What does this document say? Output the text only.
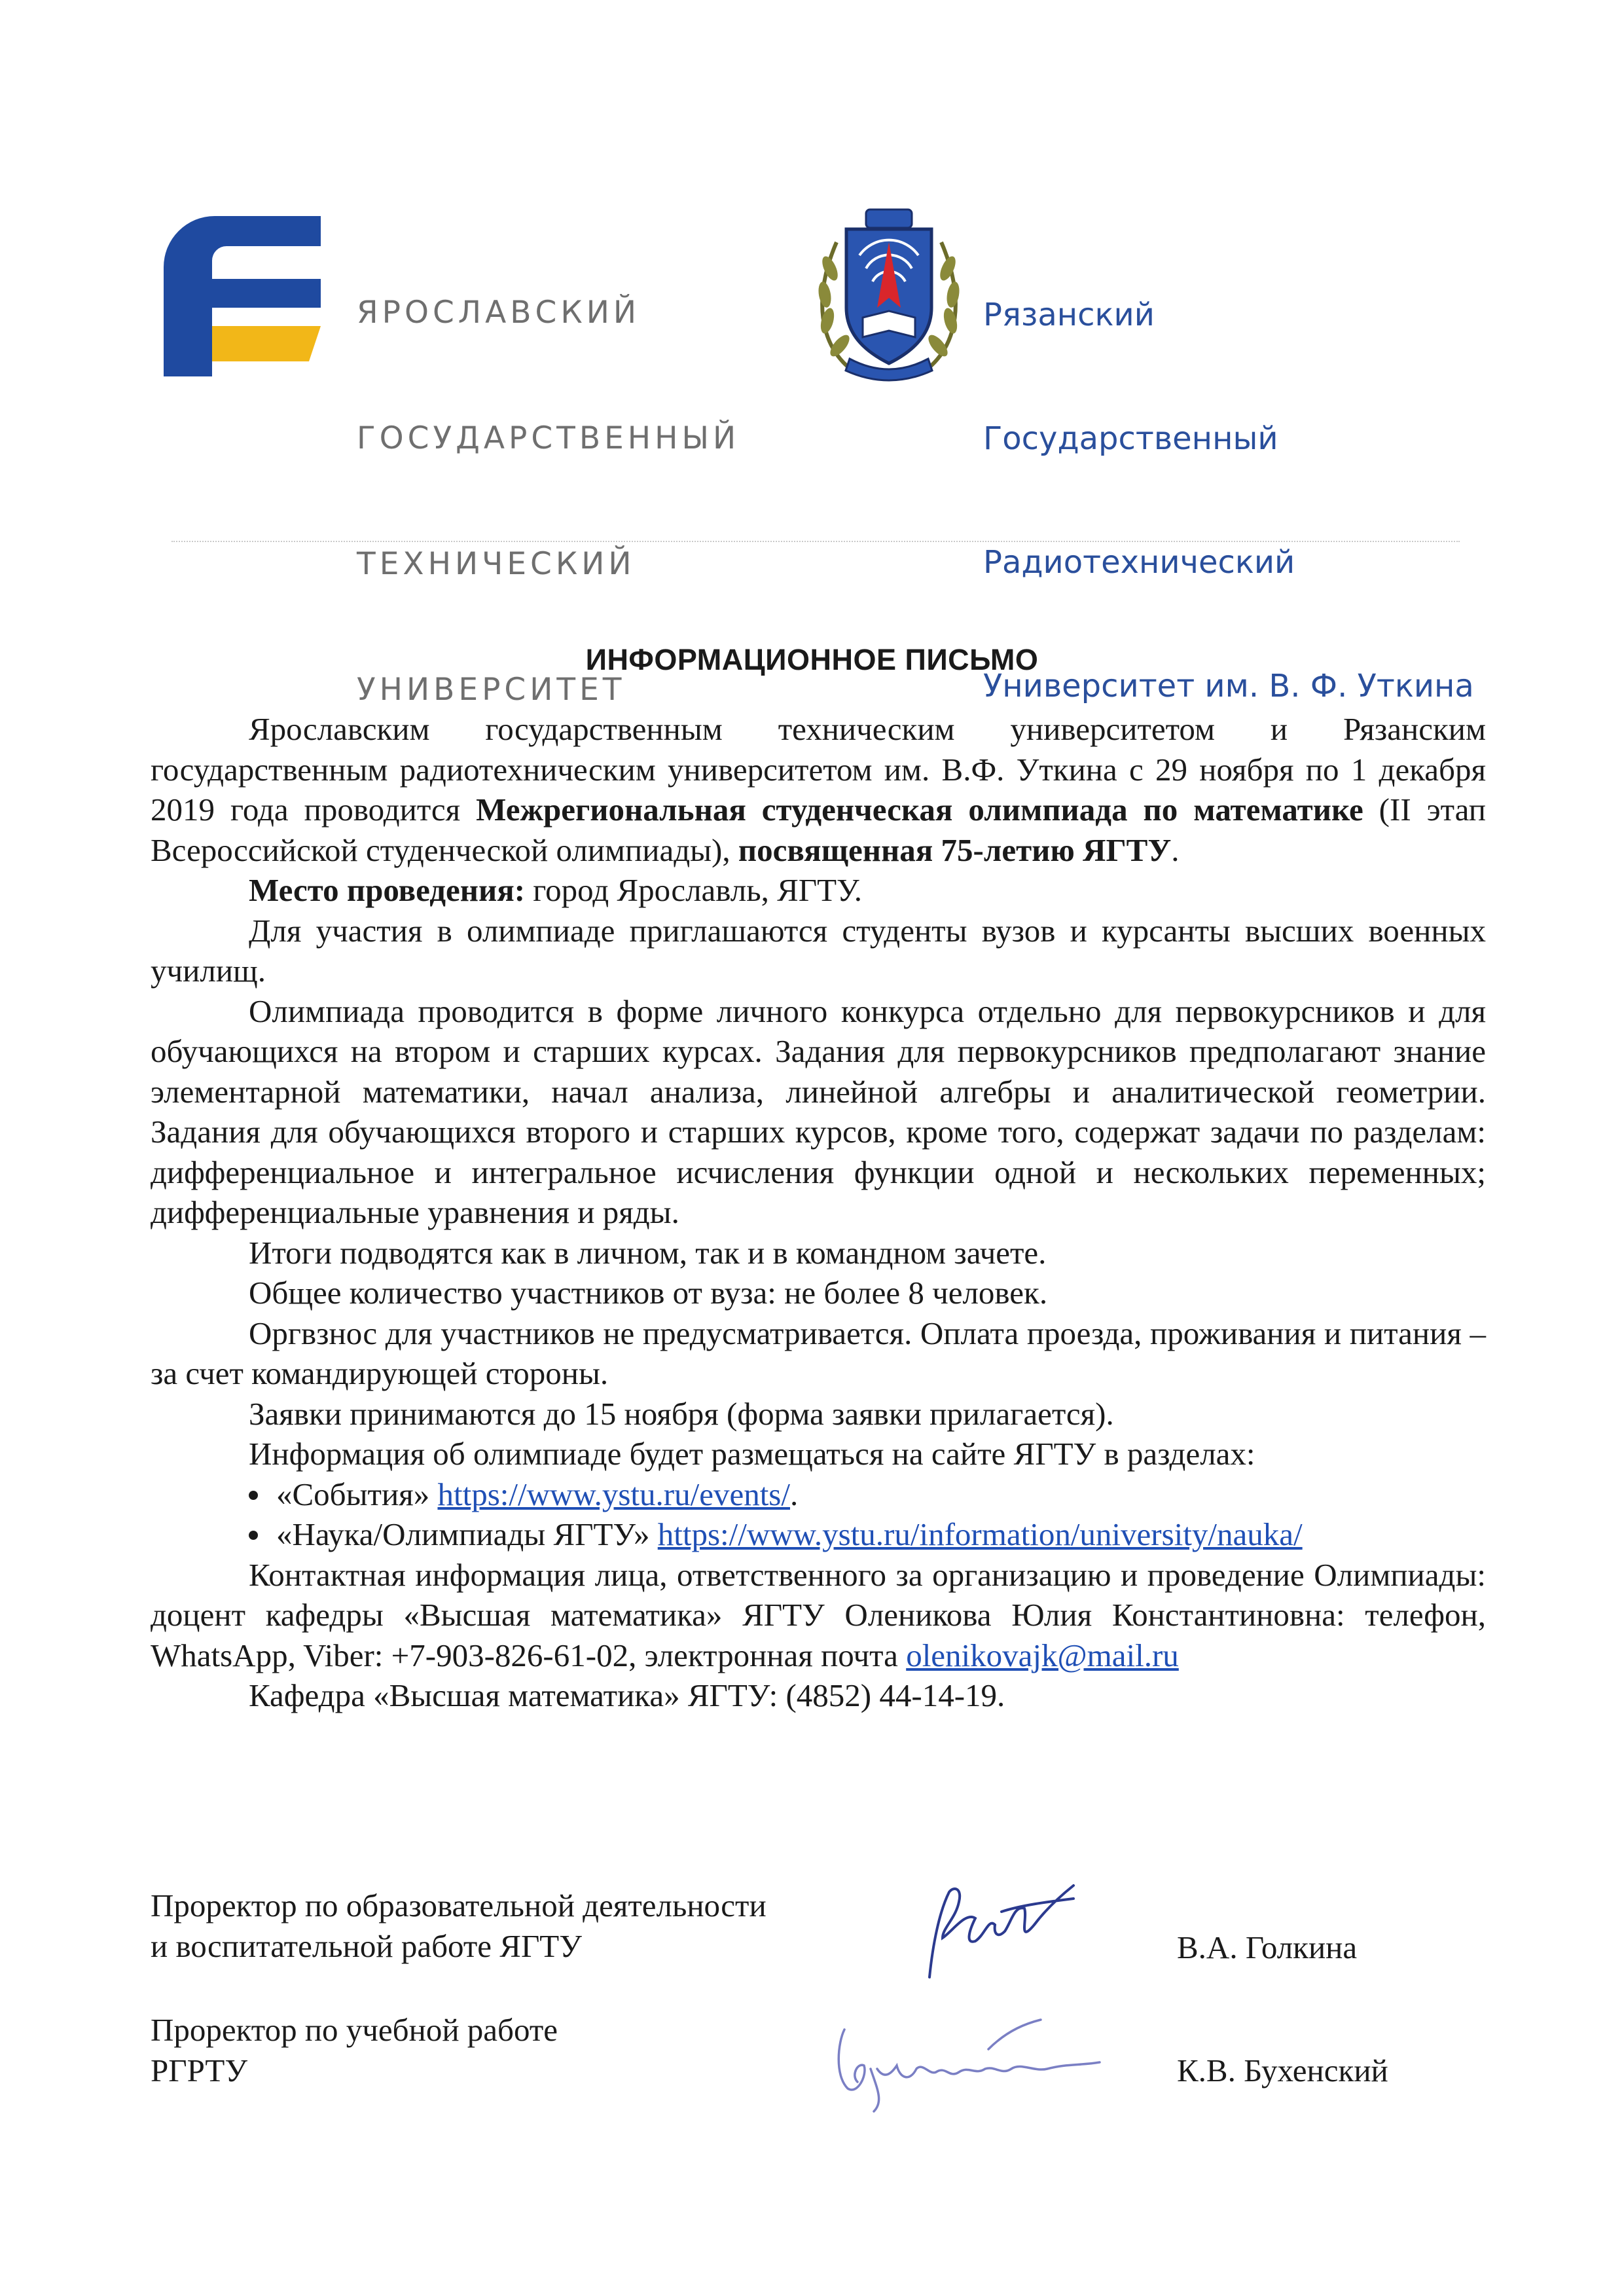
ЯРОСЛАВСКИЙ

ГОСУДАРСТВЕННЫЙ

ТЕХНИЧЕСКИЙ

УНИВЕРСИТЕТ

Рязанский

Государственный

Радиотехнический

Университет им. В. Ф. Уткина

ИНФОРМАЦИОННОЕ ПИСЬМО

Ярославским государственным техническим университетом и Рязанским государственным радиотехническим университетом им. В.Ф. Уткина с 29 ноября по 1 декабря 2019 года проводится Межрегиональная студенческая олимпиада по математике (II этап Всероссийской студенческой олимпиады), посвященная 75-летию ЯГТУ.

Место проведения: город Ярославль, ЯГТУ.

Для участия в олимпиаде приглашаются студенты вузов и курсанты высших военных училищ.

Олимпиада проводится в форме личного конкурса отдельно для первокурсников и для обучающихся на втором и старших курсах. Задания для первокурсников предполагают знание элементарной математики, начал анализа, линейной алгебры и аналитической геометрии. Задания для обучающихся второго и старших курсов, кроме того, содержат задачи по разделам: дифференциальное и интегральное исчисления функции одной и нескольких переменных; дифференциальные уравнения и ряды.

Итоги подводятся как в личном, так и в командном зачете.

Общее количество участников от вуза: не более 8 человек.

Оргвзнос для участников не предусматривается. Оплата проезда, проживания и питания – за счет командирующей стороны.

Заявки принимаются до 15 ноября (форма заявки прилагается).

Информация об олимпиаде будет размещаться на сайте ЯГТУ в разделах:

«События» https://www.ystu.ru/events/.
«Наука/Олимпиады ЯГТУ» https://www.ystu.ru/information/university/nauka/

Контактная информация лица, ответственного за организацию и проведение Олимпиады: доцент кафедры «Высшая математика» ЯГТУ Оленикова Юлия Константиновна: телефон, WhatsApp, Viber: +7-903-826-61-02, электронная почта olenikovajk@mail.ru

Кафедра «Высшая математика» ЯГТУ: (4852) 44-14-19.

Проректор по образовательной деятельности
и воспитательной работе ЯГТУ	В.А. Голкина
Проректор по учебной работе
РГРТУ	К.В. Бухенский
